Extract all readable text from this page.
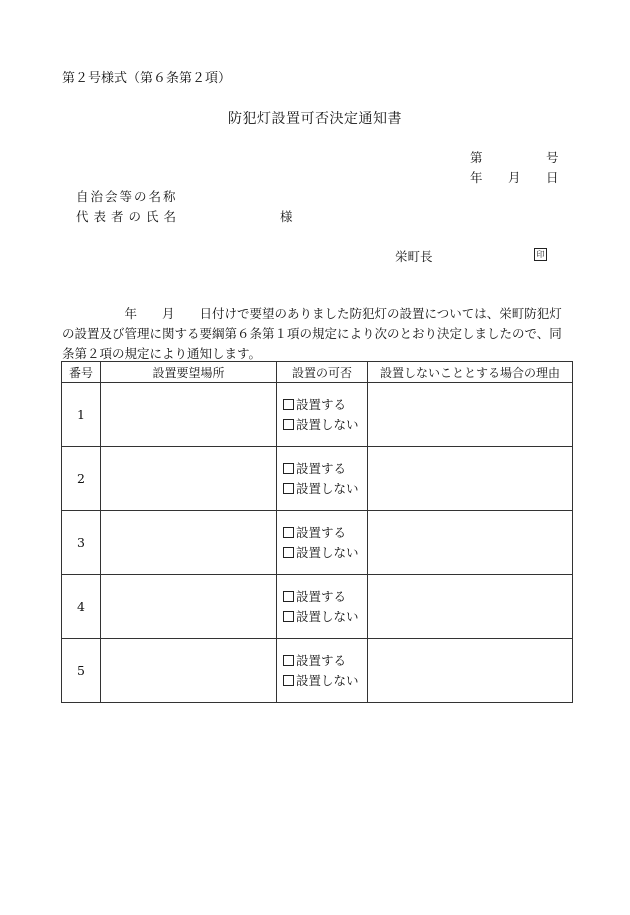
第２号様式（第６条第２項）
防犯灯設置可否決定通知書
第	号
年 月 日
自治会等の名称
代表者の氏名	様
栄町長	印
　　　　　年　　月　　日付けで要望のありました防犯灯の設置については、栄町防犯灯
の設置及び管理に関する要綱第６条第１項の規定により次のとおり決定しましたので、同
条第２項の規定により通知します。
番号	設置要望場所	設置の可否	設置しないこととする場合の理由
1		設置する
設置しない	

2		設置する
設置しない	

3		設置する
設置しない	

4		設置する
設置しない	

5		設置する
設置しない	
